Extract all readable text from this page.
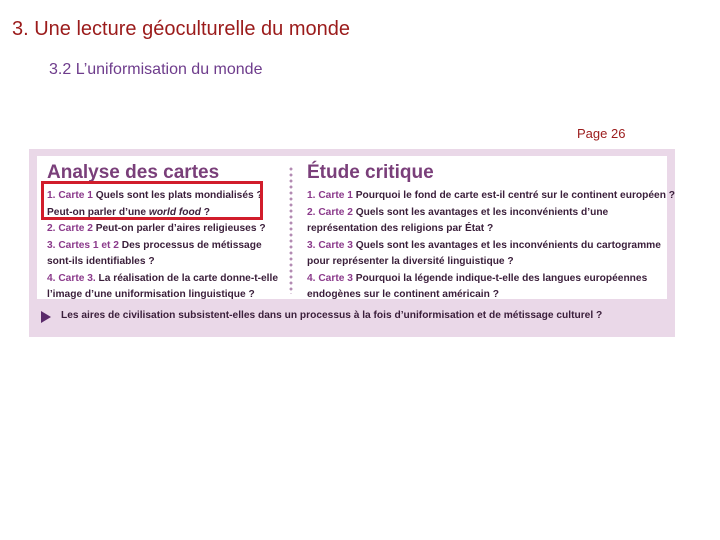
3. Une lecture géoculturelle du monde
3.2 L’uniformisation du monde
Page 26
Analyse des cartes
1. Carte 1 Quels sont les plats mondialisés ?
Peut-on parler d’une world food ?
2. Carte 2 Peut-on parler d’aires religieuses ?
3. Cartes 1 et 2 Des processus de métissage
sont-ils identifiables ?
4. Carte 3. La réalisation de la carte donne-t-elle
l’image d’une uniformisation linguistique ?
Étude critique
1. Carte 1 Pourquoi le fond de carte est-il centré sur le continent européen ?
2. Carte 2 Quels sont les avantages et les inconvénients d’une
représentation des religions par État ?
3. Carte 3 Quels sont les avantages et les inconvénients du cartogramme
pour représenter la diversité linguistique ?
4. Carte 3 Pourquoi la légende indique-t-elle des langues européennes
endogènes sur le continent américain ?
Les aires de civilisation subsistent-elles dans un processus à la fois d’uniformisation et de métissage culturel ?
